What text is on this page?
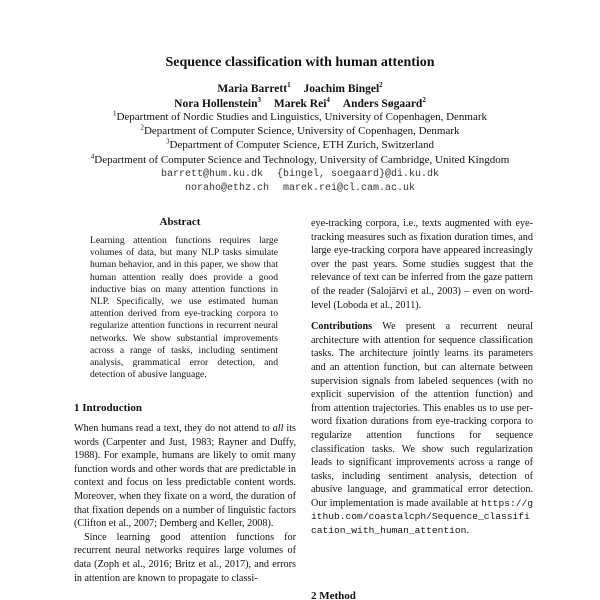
Sequence classification with human attention
Maria Barrett$^1$ Joachim Bingel$^2$
Nora Hollenstein$^3$ Marek Rei$^4$ Anders Søgaard$^2$
$^1$Department of Nordic Studies and Linguistics, University of Copenhagen, Denmark
$^2$Department of Computer Science, University of Copenhagen, Denmark
$^3$Department of Computer Science, ETH Zurich, Switzerland
$^4$Department of Computer Science and Technology, University of Cambridge, United Kingdom
barrett@hum.ku.dk {bingel, soegaard}@di.ku.dk
noraho@ethz.ch marek.rei@cl.cam.ac.uk
Abstract
Learning attention functions requires large volumes of data, but many NLP tasks simulate human behavior, and in this paper, we show that human attention really does provide a good inductive bias on many attention functions in NLP. Specifically, we use estimated human attention derived from eye-tracking corpora to regularize attention functions in recurrent neural networks. We show substantial improvements across a range of tasks, including sentiment analysis, grammatical error detection, and detection of abusive language.
1 Introduction

When humans read a text, they do not attend to all its words (Carpenter and Just, 1983; Rayner and Duffy, 1988). For example, humans are likely to omit many function words and other words that are predictable in context and focus on less predictable content words. Moreover, when they fixate on a word, the duration of that fixation depends on a number of linguistic factors (Clifton et al., 2007; Demberg and Keller, 2008).

Since learning good attention functions for recurrent neural networks requires large volumes of data (Zoph et al., 2016; Britz et al., 2017), and errors in attention are known to propagate to classi-

eye-tracking corpora, i.e., texts augmented with eye-tracking measures such as fixation duration times, and large eye-tracking corpora have appeared increasingly over the past years. Some studies suggest that the relevance of text can be inferred from the gaze pattern of the reader (Salojärvi et al., 2003) – even on word-level (Loboda et al., 2011).

Contributions We present a recurrent neural architecture with attention for sequence classification tasks. The architecture jointly learns its parameters and an attention function, but can alternate between supervision signals from labeled sequences (with no explicit supervision of the attention function) and from attention trajectories. This enables us to use per-word fixation durations from eye-tracking corpora to regularize attention functions for sequence classification tasks. We show such regularization leads to significant improvements across a range of tasks, including sentiment analysis, detection of abusive language, and grammatical error detection. Our implementation is made available at https://github.com/coastalcph/Sequence_classification_with_human_attention.

2 Method
